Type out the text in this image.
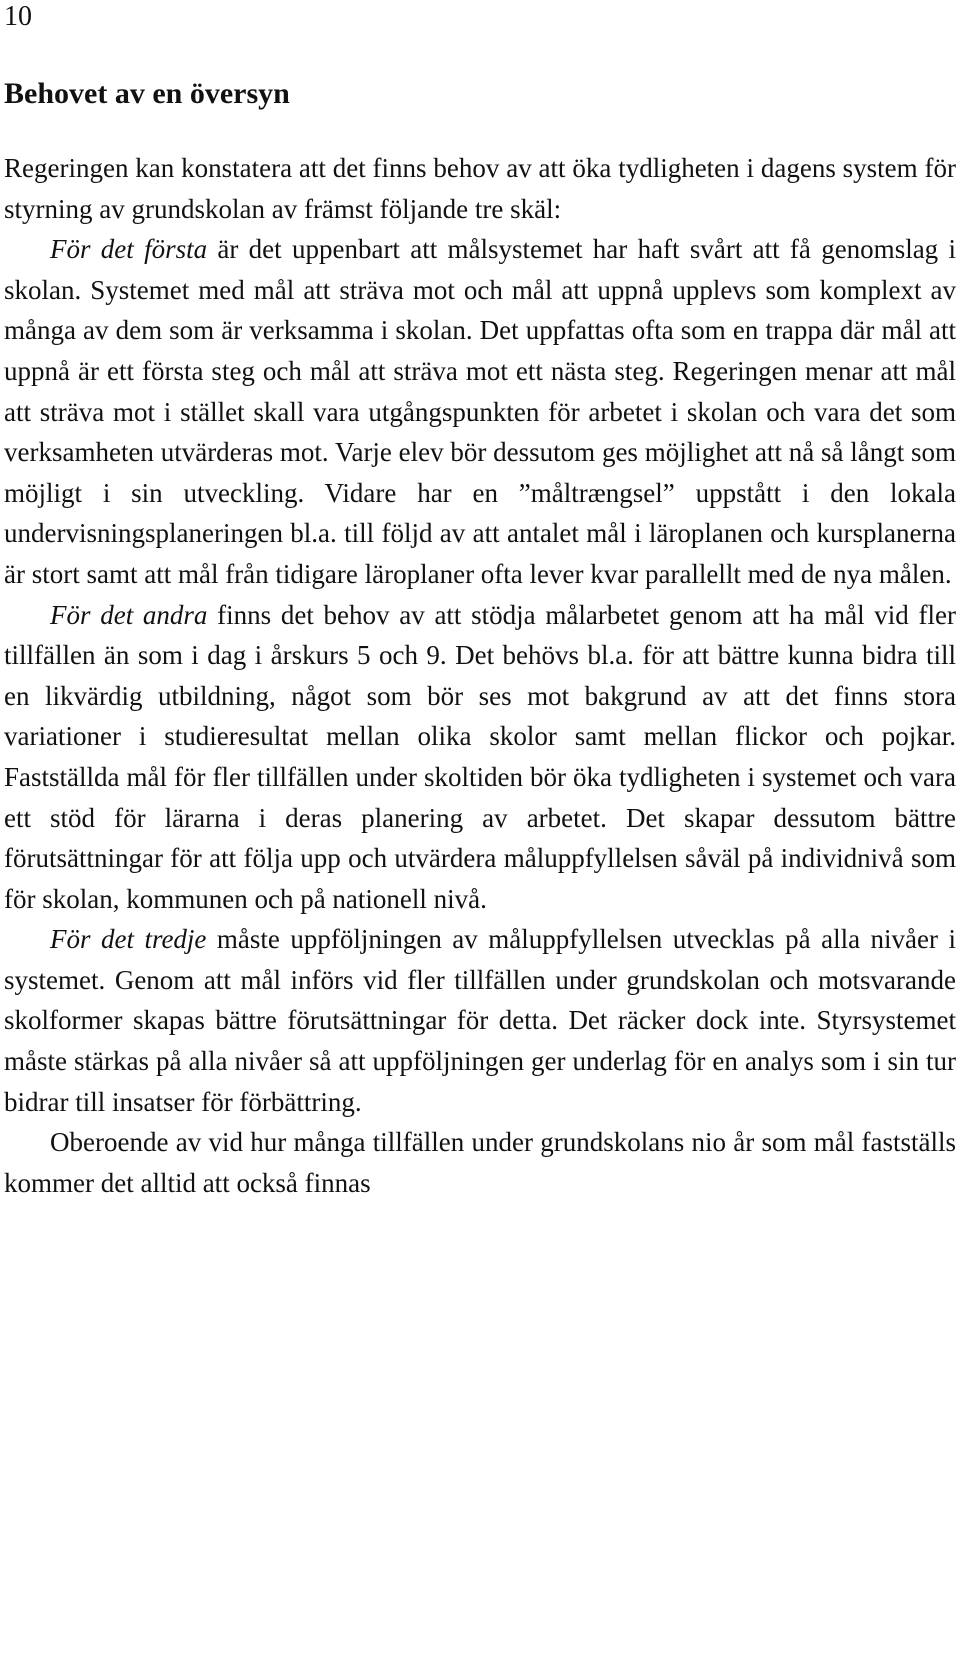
10
Behovet av en översyn

Regeringen kan konstatera att det finns behov av att öka tydligheten i dagens system för styrning av grundskolan av främst följande tre skäl:

För det första är det uppenbart att målsystemet har haft svårt att få genomslag i skolan. Systemet med mål att sträva mot och mål att uppnå upplevs som komplext av många av dem som är verksamma i skolan. Det uppfattas ofta som en trappa där mål att uppnå är ett första steg och mål att sträva mot ett nästa steg. Regeringen menar att mål att sträva mot i stället skall vara utgångspunkten för arbetet i skolan och vara det som verksamheten utvärderas mot. Varje elev bör dessutom ges möjlighet att nå så långt som möjligt i sin utveckling. Vidare har en ”måltrængsel” uppstått i den lokala undervisningsplaneringen bl.a. till följd av att antalet mål i läroplanen och kursplanerna är stort samt att mål från tidigare läroplaner ofta lever kvar parallellt med de nya målen.

För det andra finns det behov av att stödja målarbetet genom att ha mål vid fler tillfällen än som i dag i årskurs 5 och 9. Det behövs bl.a. för att bättre kunna bidra till en likvärdig utbildning, något som bör ses mot bakgrund av att det finns stora variationer i studieresultat mellan olika skolor samt mellan flickor och pojkar. Fastställda mål för fler tillfällen under skoltiden bör öka tydligheten i systemet och vara ett stöd för lärarna i deras planering av arbetet. Det skapar dessutom bättre förutsättningar för att följa upp och utvärdera måluppfyllelsen såväl på individnivå som för skolan, kommunen och på nationell nivå.

För det tredje måste uppföljningen av måluppfyllelsen utvecklas på alla nivåer i systemet. Genom att mål införs vid fler tillfällen under grundskolan och motsvarande skolformer skapas bättre förutsättningar för detta. Det räcker dock inte. Styrsystemet måste stärkas på alla nivåer så att uppföljningen ger underlag för en analys som i sin tur bidrar till insatser för förbättring.

Oberoende av vid hur många tillfällen under grundskolans nio år som mål fastställs kommer det alltid att också finnas
